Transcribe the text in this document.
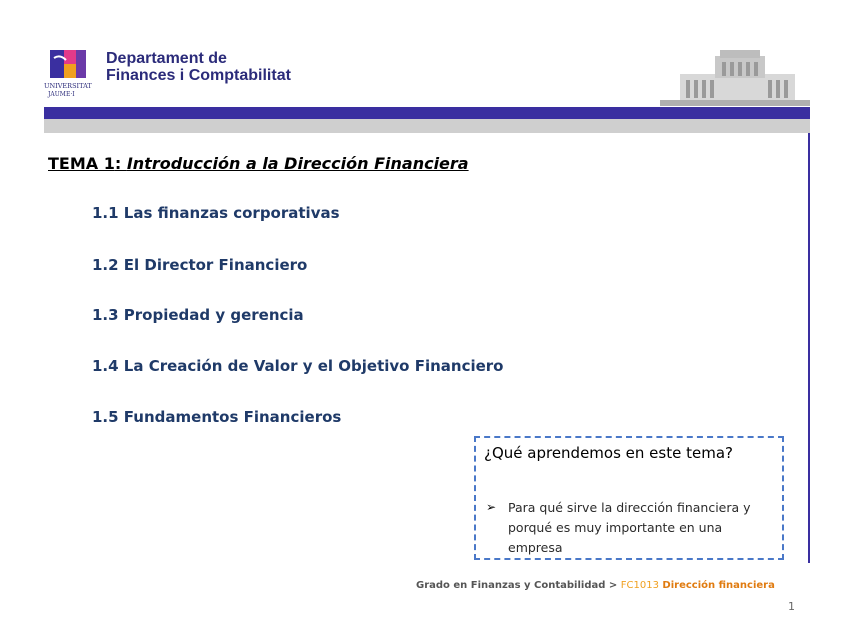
UNIVERSITAT
JAUME·I
Departament de
Finances i Comptabilitat
TEMA 1: Introducción a la Dirección Financiera
1.1 Las finanzas corporativas
1.2 El Director Financiero
1.3 Propiedad y gerencia
1.4 La Creación de Valor y el Objetivo Financiero
1.5 Fundamentos Financieros
¿Qué aprendemos en este tema?
➢ Para qué sirve la dirección financiera y porqué es muy importante en una empresa
Grado en Finanzas y Contabilidad > FC1013 Dirección financiera
1
